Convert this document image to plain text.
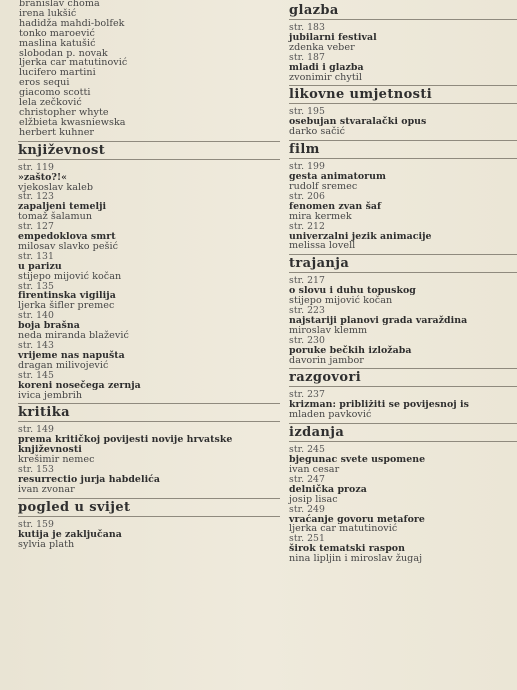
branislav choma
irena lukšić
hadidža mahdi-bolfek
tonko maroević
maslina katušić
slobodan p. novak
ljerka car matutinović
lucifero martini
eros sequi
giacomo scotti
lela zečković
christopher whyte
elžbieta kwasniewska
herbert kuhner
književnost
str. 119
»zašto?!«
vjekoslav kaleb
str. 123
zapaljeni temelji
tomaž šalamun
str. 127
empedoklova smrt
milosav slavko pešić
str. 131
u parizu
stijepo mijović kočan
str. 135
firentinska vigilija
ljerka šifler premec
str. 140
boja brašna
neda miranda blažević
str. 143
vrijeme nas napušta
dragan milivojević
str. 145
koreni nosečega zernja
ivica jembrih
kritika
str. 149
prema kritičkoj povijesti novije hrvatske
književnosti
krešimir nemec
str. 153
resurrectio jurja habdelića
ivan zvonar
pogled u svijet
str. 159
kutija je zaključana
sylvia plath
glazba
str. 183
jubilarni festival
zdenka veber
str. 187
mladi i glazba
zvonimir chytil
likovne umjetnosti
str. 195
osebujan stvaralački opus
darko sačić
film
str. 199
gesta animatorum
rudolf sremec
str. 206
fenomen zvan šaf
mira kermek
str. 212
univerzalni jezik animacije
melissa lovell
trajanja
str. 217
o slovu i duhu topuskog
stijepo mijović kočan
str. 223
najstariji planovi grada varaždina
miroslav klemm
str. 230
poruke bečkih izložaba
davorin jambor
razgovori
str. 237
krizman: približiti se povijesnoj is
mladen pavković
izdanja
str. 245
bjegunac svete uspomene
ivan cesar
str. 247
delnička proza
josip lisac
str. 249
vraćanje govoru metafore
ljerka car matutinović
str. 251
širok tematski raspon
nina lipljin i miroslav žugaj
